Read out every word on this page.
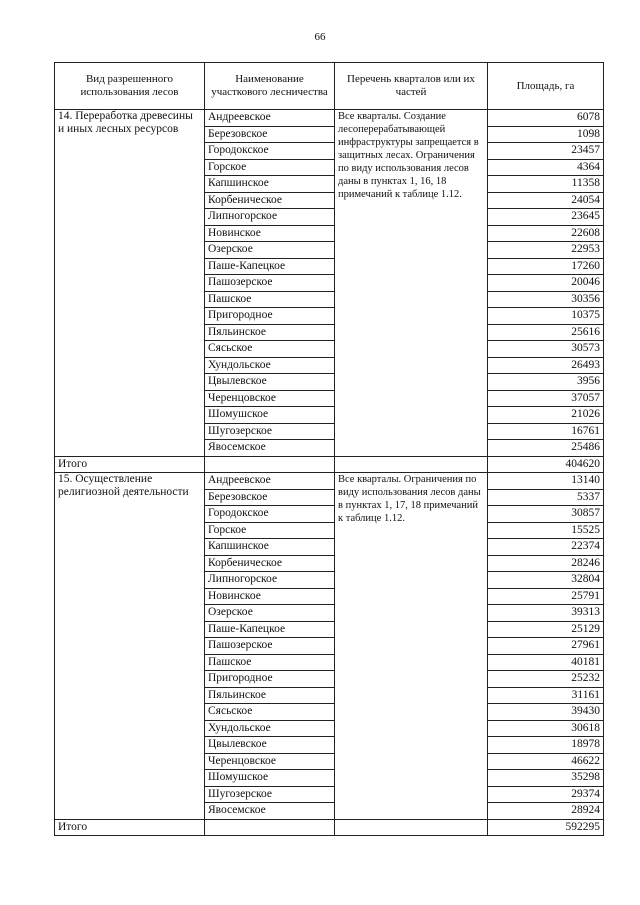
66
Вид разрешенного использования лесов	Наименование участкового лесничества	Перечень кварталов или их частей	Площадь, га
14. Переработка древесины и иных лесных ресурсов	Андреевское	Все кварталы. Создание лесоперерабатывающей инфраструктуры запрещается в защитных лесах. Ограничения по виду использования лесов даны в пунктах 1, 16, 18 примечаний к таблице 1.12.	6078
	Березовское		1098
	Городокское		23457
	Горское		4364
	Капшинское		11358
	Корбеническое		24054
	Липногорское		23645
	Новинское		22608
	Озерское		22953
	Паше-Капецкое		17260
	Пашозерское		20046
	Пашское		30356
	Пригородное		10375
	Пяльинское		25616
	Сясьское		30573
	Хундольское		26493
	Цвылевское		3956
	Черенцовское		37057
	Шомушское		21026
	Шугозерское		16761
	Явосемское		25486
Итого			404620
15. Осуществление религиозной деятельности	Андреевское	Все кварталы. Ограничения по виду использования лесов даны в пунктах 1, 17, 18 примечаний к таблице 1.12.	13140
	Березовское		5337
	Городокское		30857
	Горское		15525
	Капшинское		22374
	Корбеническое		28246
	Липногорское		32804
	Новинское		25791
	Озерское		39313
	Паше-Капецкое		25129
	Пашозерское		27961
	Пашское		40181
	Пригородное		25232
	Пяльинское		31161
	Сясьское		39430
	Хундольское		30618
	Цвылевское		18978
	Черенцовское		46622
	Шомушское		35298
	Шугозерское		29374
	Явосемское		28924
Итого			592295
